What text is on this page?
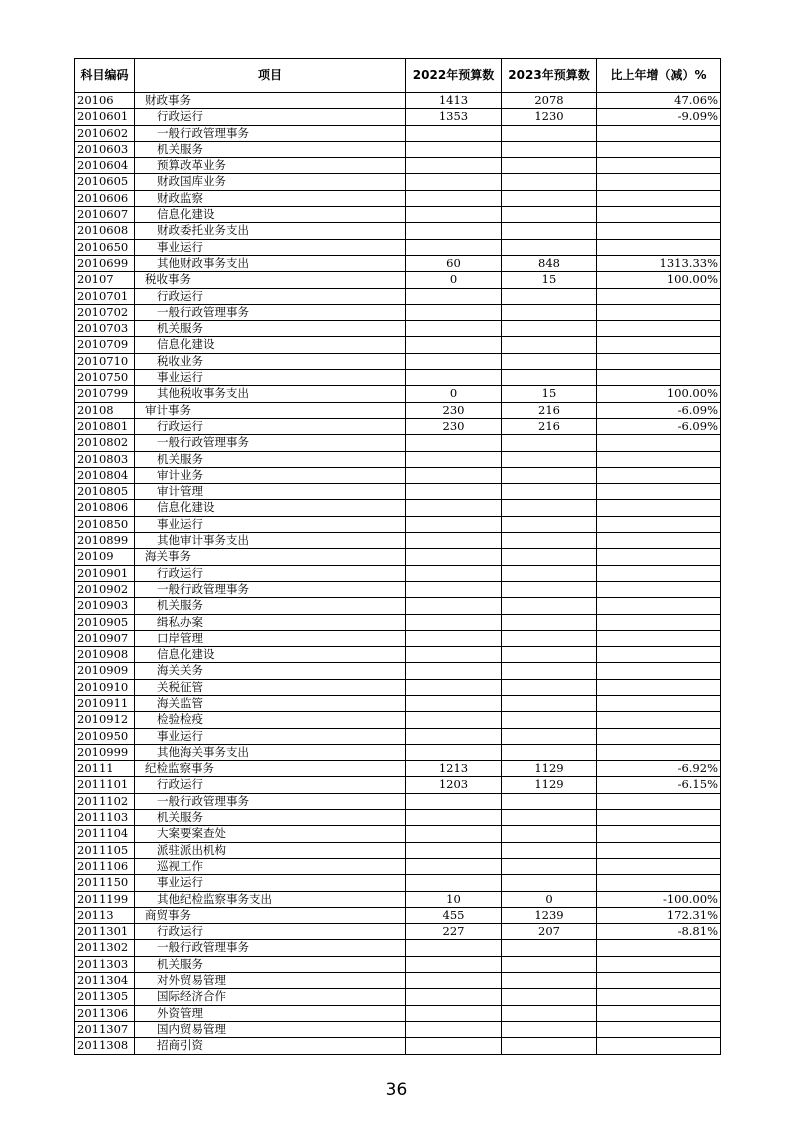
科目编码	项目	2022年预算数	2023年预算数	比上年增（减）%
20106	财政事务	1413	2078	47.06%
2010601	行政运行	1353	1230	-9.09%
2010602	一般行政管理事务			
2010603	机关服务			
2010604	预算改革业务			
2010605	财政国库业务			
2010606	财政监察			
2010607	信息化建设			
2010608	财政委托业务支出			
2010650	事业运行			
2010699	其他财政事务支出	60	848	1313.33%
20107	税收事务	0	15	100.00%
2010701	行政运行			
2010702	一般行政管理事务			
2010703	机关服务			
2010709	信息化建设			
2010710	税收业务			
2010750	事业运行			
2010799	其他税收事务支出	0	15	100.00%
20108	审计事务	230	216	-6.09%
2010801	行政运行	230	216	-6.09%
2010802	一般行政管理事务			
2010803	机关服务			
2010804	审计业务			
2010805	审计管理			
2010806	信息化建设			
2010850	事业运行			
2010899	其他审计事务支出			
20109	海关事务			
2010901	行政运行			
2010902	一般行政管理事务			
2010903	机关服务			
2010905	缉私办案			
2010907	口岸管理			
2010908	信息化建设			
2010909	海关关务			
2010910	关税征管			
2010911	海关监管			
2010912	检验检疫			
2010950	事业运行			
2010999	其他海关事务支出			
20111	纪检监察事务	1213	1129	-6.92%
2011101	行政运行	1203	1129	-6.15%
2011102	一般行政管理事务			
2011103	机关服务			
2011104	大案要案查处			
2011105	派驻派出机构			
2011106	巡视工作			
2011150	事业运行			
2011199	其他纪检监察事务支出	10	0	-100.00%
20113	商贸事务	455	1239	172.31%
2011301	行政运行	227	207	-8.81%
2011302	一般行政管理事务			
2011303	机关服务			
2011304	对外贸易管理			
2011305	国际经济合作			
2011306	外资管理			
2011307	国内贸易管理			
2011308	招商引资			
36
